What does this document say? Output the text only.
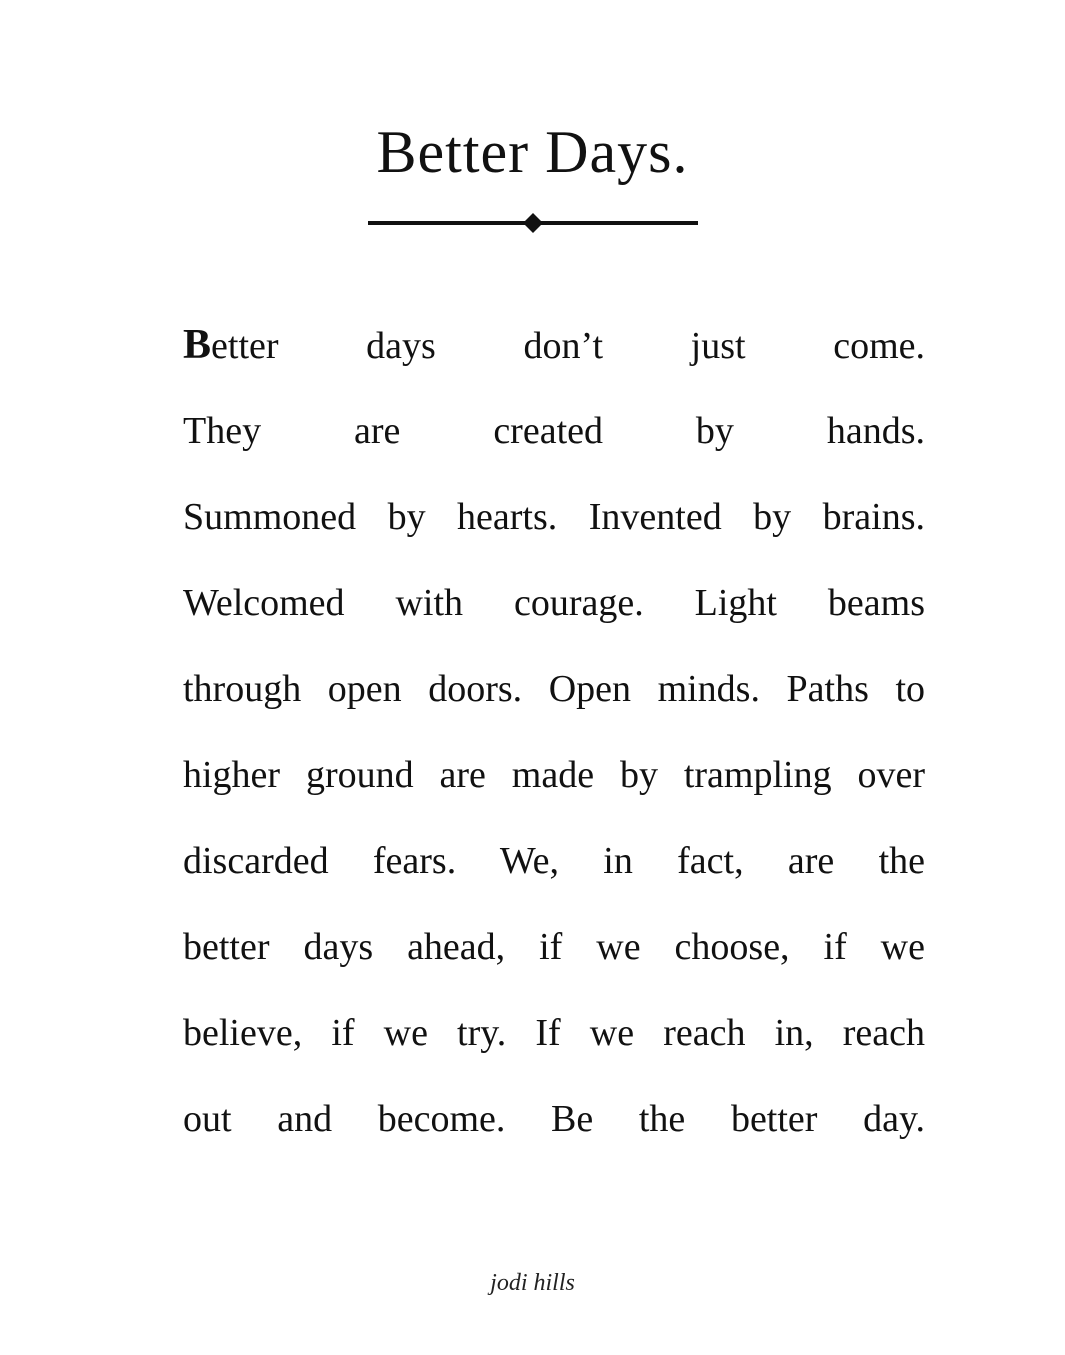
Better Days.
Better days don’t just come.
They are created by hands.
Summoned by hearts. Invented by brains.
Welcomed with courage. Light beams
through open doors. Open minds. Paths to
higher ground are made by trampling over
discarded fears. We, in fact, are the
better days ahead, if we choose, if we
believe, if we try. If we reach in, reach
out and become. Be the better day.
jodi hills
